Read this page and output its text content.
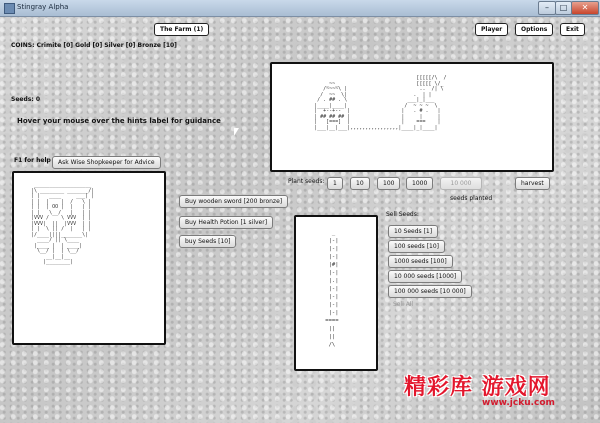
Stingray Alpha	–	□	✕
The Farm (1)	Player	Options	Exit
COINS: Crimite [0] Gold [0] Silver [0] Bronze [10]
Seeds: 0
Hover your mouse over the hints label for guidance
F1 for help	Ask Wise Shopkeeper for Advice
[[[[[/\  /
_~~_                          [[[[[ \/_
/~~~~\ |                        ..  /| \
/  ~~  \|                      .  | |
/ . ## . \                    ___|_|___
|____|____|                   /  ~ ~ ~  \
|  +--+--  |                 |   . # .   |
| ## ## ## |                 |     |     |
|   [===]  |                 |    ===    |
|___|__|___|,,,,,,,,,,,,,,,,|____|_|____|

___________________
|\ ________ _______/|
| |   ____     ___| |
| |  |    |  /   \ |
| |  | OO |  |   | |
| |   \__/   |   | |
|VVV /    \ VVV  | |
|VVV|  ||  |VVV  | |
| |  \ || /  |   | |
|/____||||_______\|
____/ || \____
|____ |  | ____|
\__/ |  | \__/
__|__|__
|________|

Buy wooden sword [200 bronze]
Buy Health Potion [1 silver]
buy Seeds [10]
Plant seeds:	1	10	100	1000	10 000	harvest
seeds planted
_
|-|
|-|
|-|
|#|
|-|
|.|
|-|
|-|
|-|
|-|
====
||
||
/\

Sell Seeds:
10 Seeds [1]
100 seeds [10]
1000 seeds [100]
10 000 seeds [1000]
100 000 seeds [10 000]
Sell All
精彩库 游戏网
www.jcku.com
